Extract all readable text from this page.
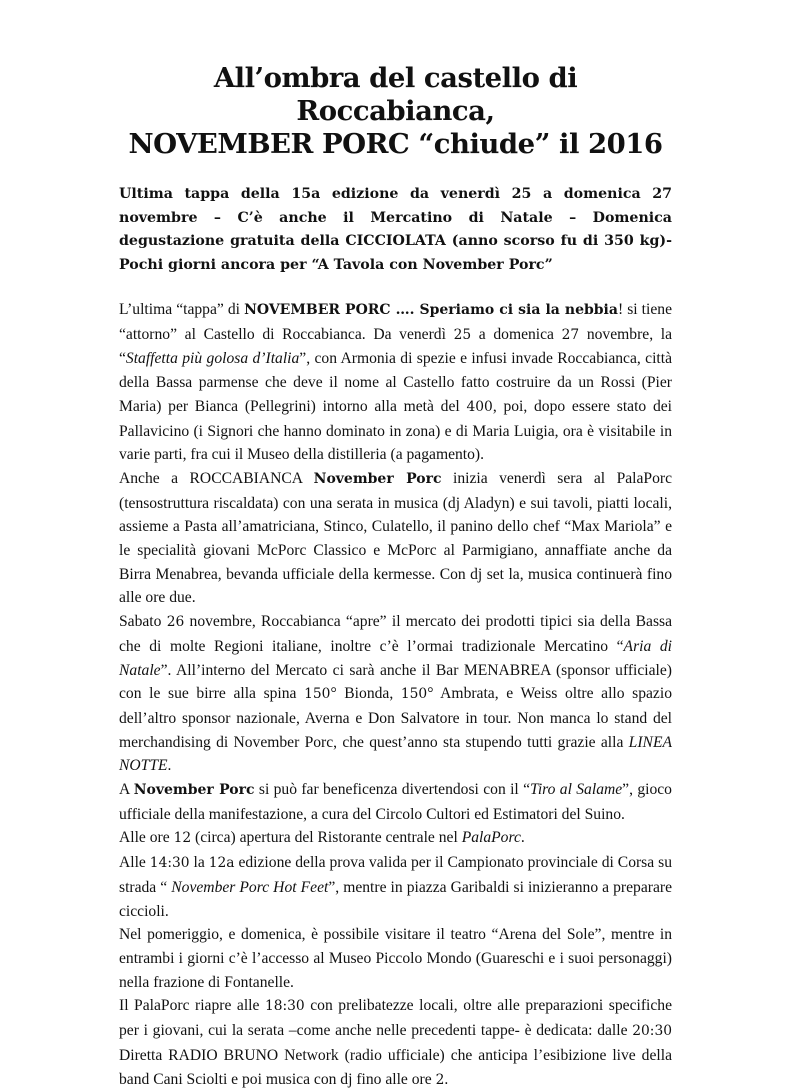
All’ombra del castello di Roccabianca,
NOVEMBER PORC “chiude” il 2016

Ultima tappa della 15a edizione da venerdì 25 a domenica 27 novembre – C’è anche il Mercatino di Natale – Domenica degustazione gratuita della CICCIOLATA (anno scorso fu di 350 kg)- Pochi giorni ancora per “A Tavola con November Porc”

L’ultima “tappa” di NOVEMBER PORC …. Speriamo ci sia la nebbia! si tiene “attorno” al Castello di Roccabianca. Da venerdì 25 a domenica 27 novembre, la “Staffetta più golosa d’Italia”, con Armonia di spezie e infusi invade Roccabianca, città della Bassa parmense che deve il nome al Castello fatto costruire da un Rossi (Pier Maria) per Bianca (Pellegrini) intorno alla metà del 400, poi, dopo essere stato dei Pallavicino (i Signori che hanno dominato in zona) e di Maria Luigia, ora è visitabile in varie parti, fra cui il Museo della distilleria (a pagamento).

Anche a ROCCABIANCA November Porc inizia venerdì sera al PalaPorc (tensostruttura riscaldata) con una serata in musica (dj Aladyn) e sui tavoli, piatti locali, assieme a Pasta all’amatriciana, Stinco, Culatello, il panino dello chef “Max Mariola” e le specialità giovani McPorc Classico e McPorc al Parmigiano, annaffiate anche da Birra Menabrea, bevanda ufficiale della kermesse. Con dj set la, musica continuerà fino alle ore due.

Sabato 26 novembre, Roccabianca “apre” il mercato dei prodotti tipici sia della Bassa che di molte Regioni italiane, inoltre c’è l’ormai tradizionale Mercatino “Aria di Natale”. All’interno del Mercato ci sarà anche il Bar MENABREA (sponsor ufficiale) con le sue birre alla spina 150° Bionda, 150° Ambrata, e Weiss oltre allo spazio dell’altro sponsor nazionale, Averna e Don Salvatore in tour. Non manca lo stand del merchandising di November Porc, che quest’anno sta stupendo tutti grazie alla LINEA NOTTE.

A November Porc si può far beneficenza divertendosi con il “Tiro al Salame”, gioco ufficiale della manifestazione, a cura del Circolo Cultori ed Estimatori del Suino.

Alle ore 12 (circa) apertura del Ristorante centrale nel PalaPorc.

Alle 14:30 la 12a edizione della prova valida per il Campionato provinciale di Corsa su strada “ November Porc Hot Feet”, mentre in piazza Garibaldi si inizieranno a preparare ciccioli.

Nel pomeriggio, e domenica, è possibile visitare il teatro “Arena del Sole”, mentre in entrambi i giorni c’è l’accesso al Museo Piccolo Mondo (Guareschi e i suoi personaggi) nella frazione di Fontanelle.

Il PalaPorc riapre alle 18:30 con prelibatezze locali, oltre alle preparazioni specifiche per i giovani, cui la serata –come anche nelle precedenti tappe- è dedicata: dalle 20:30 Diretta RADIO BRUNO Network (radio ufficiale) che anticipa l’esibizione live della band Cani Sciolti e poi musica con dj fino alle ore 2.
